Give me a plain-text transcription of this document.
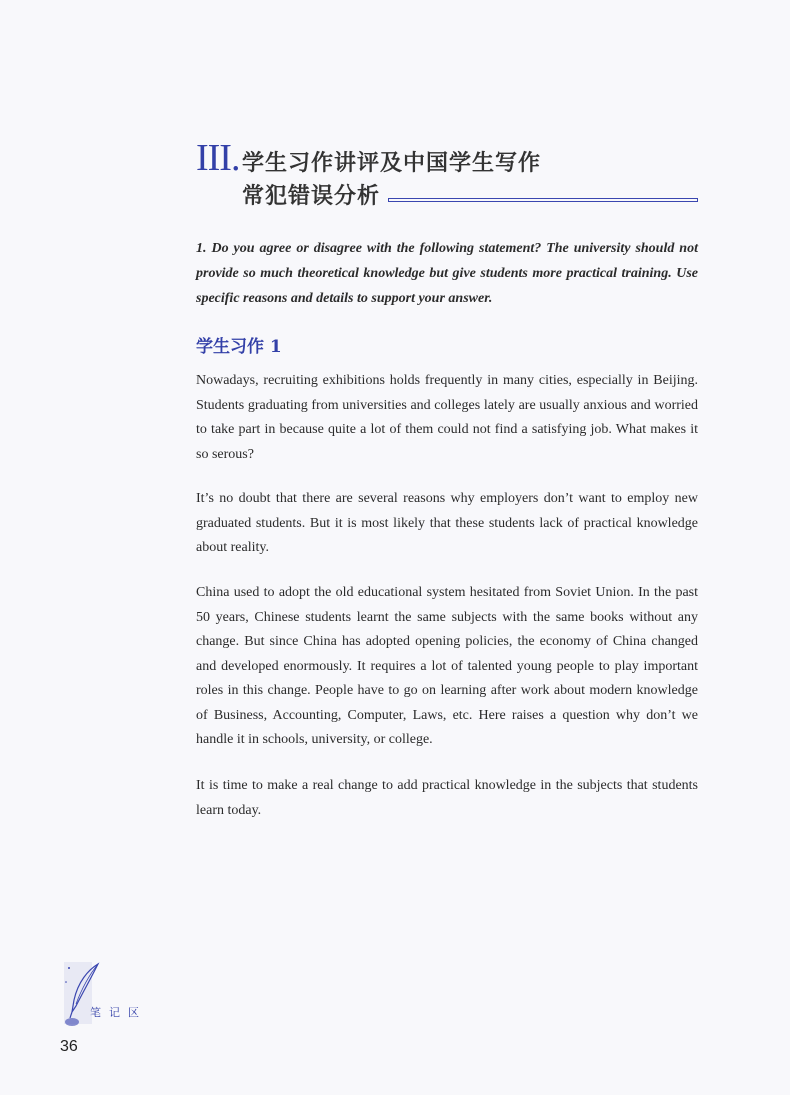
III. 学生习作讲评及中国学生写作
常犯错误分析
1. Do you agree or disagree with the following statement? The university should not provide so much theoretical knowledge but give students more practical training. Use specific reasons and details to support your answer.
学生习作 1

Nowadays, recruiting exhibitions holds frequently in many cities, especially in Beijing. Students graduating from universities and colleges lately are usually anxious and worried to take part in because quite a lot of them could not find a satisfying job. What makes it so serous?

It’s no doubt that there are several reasons why employers don’t want to employ new graduated students. But it is most likely that these students lack of practical knowledge about reality.

China used to adopt the old educational system hesitated from Soviet Union. In the past 50 years, Chinese students learnt the same subjects with the same books without any change. But since China has adopted opening policies, the economy of China changed and developed enormously. It requires a lot of talented young people to play important roles in this change. People have to go on learning after work about modern knowledge of Business, Accounting, Computer, Laws, etc. Here raises a question why don’t we handle it in schools, university, or college.

It is time to make a real change to add practical knowledge in the subjects that students learn today.

笔记区
36
